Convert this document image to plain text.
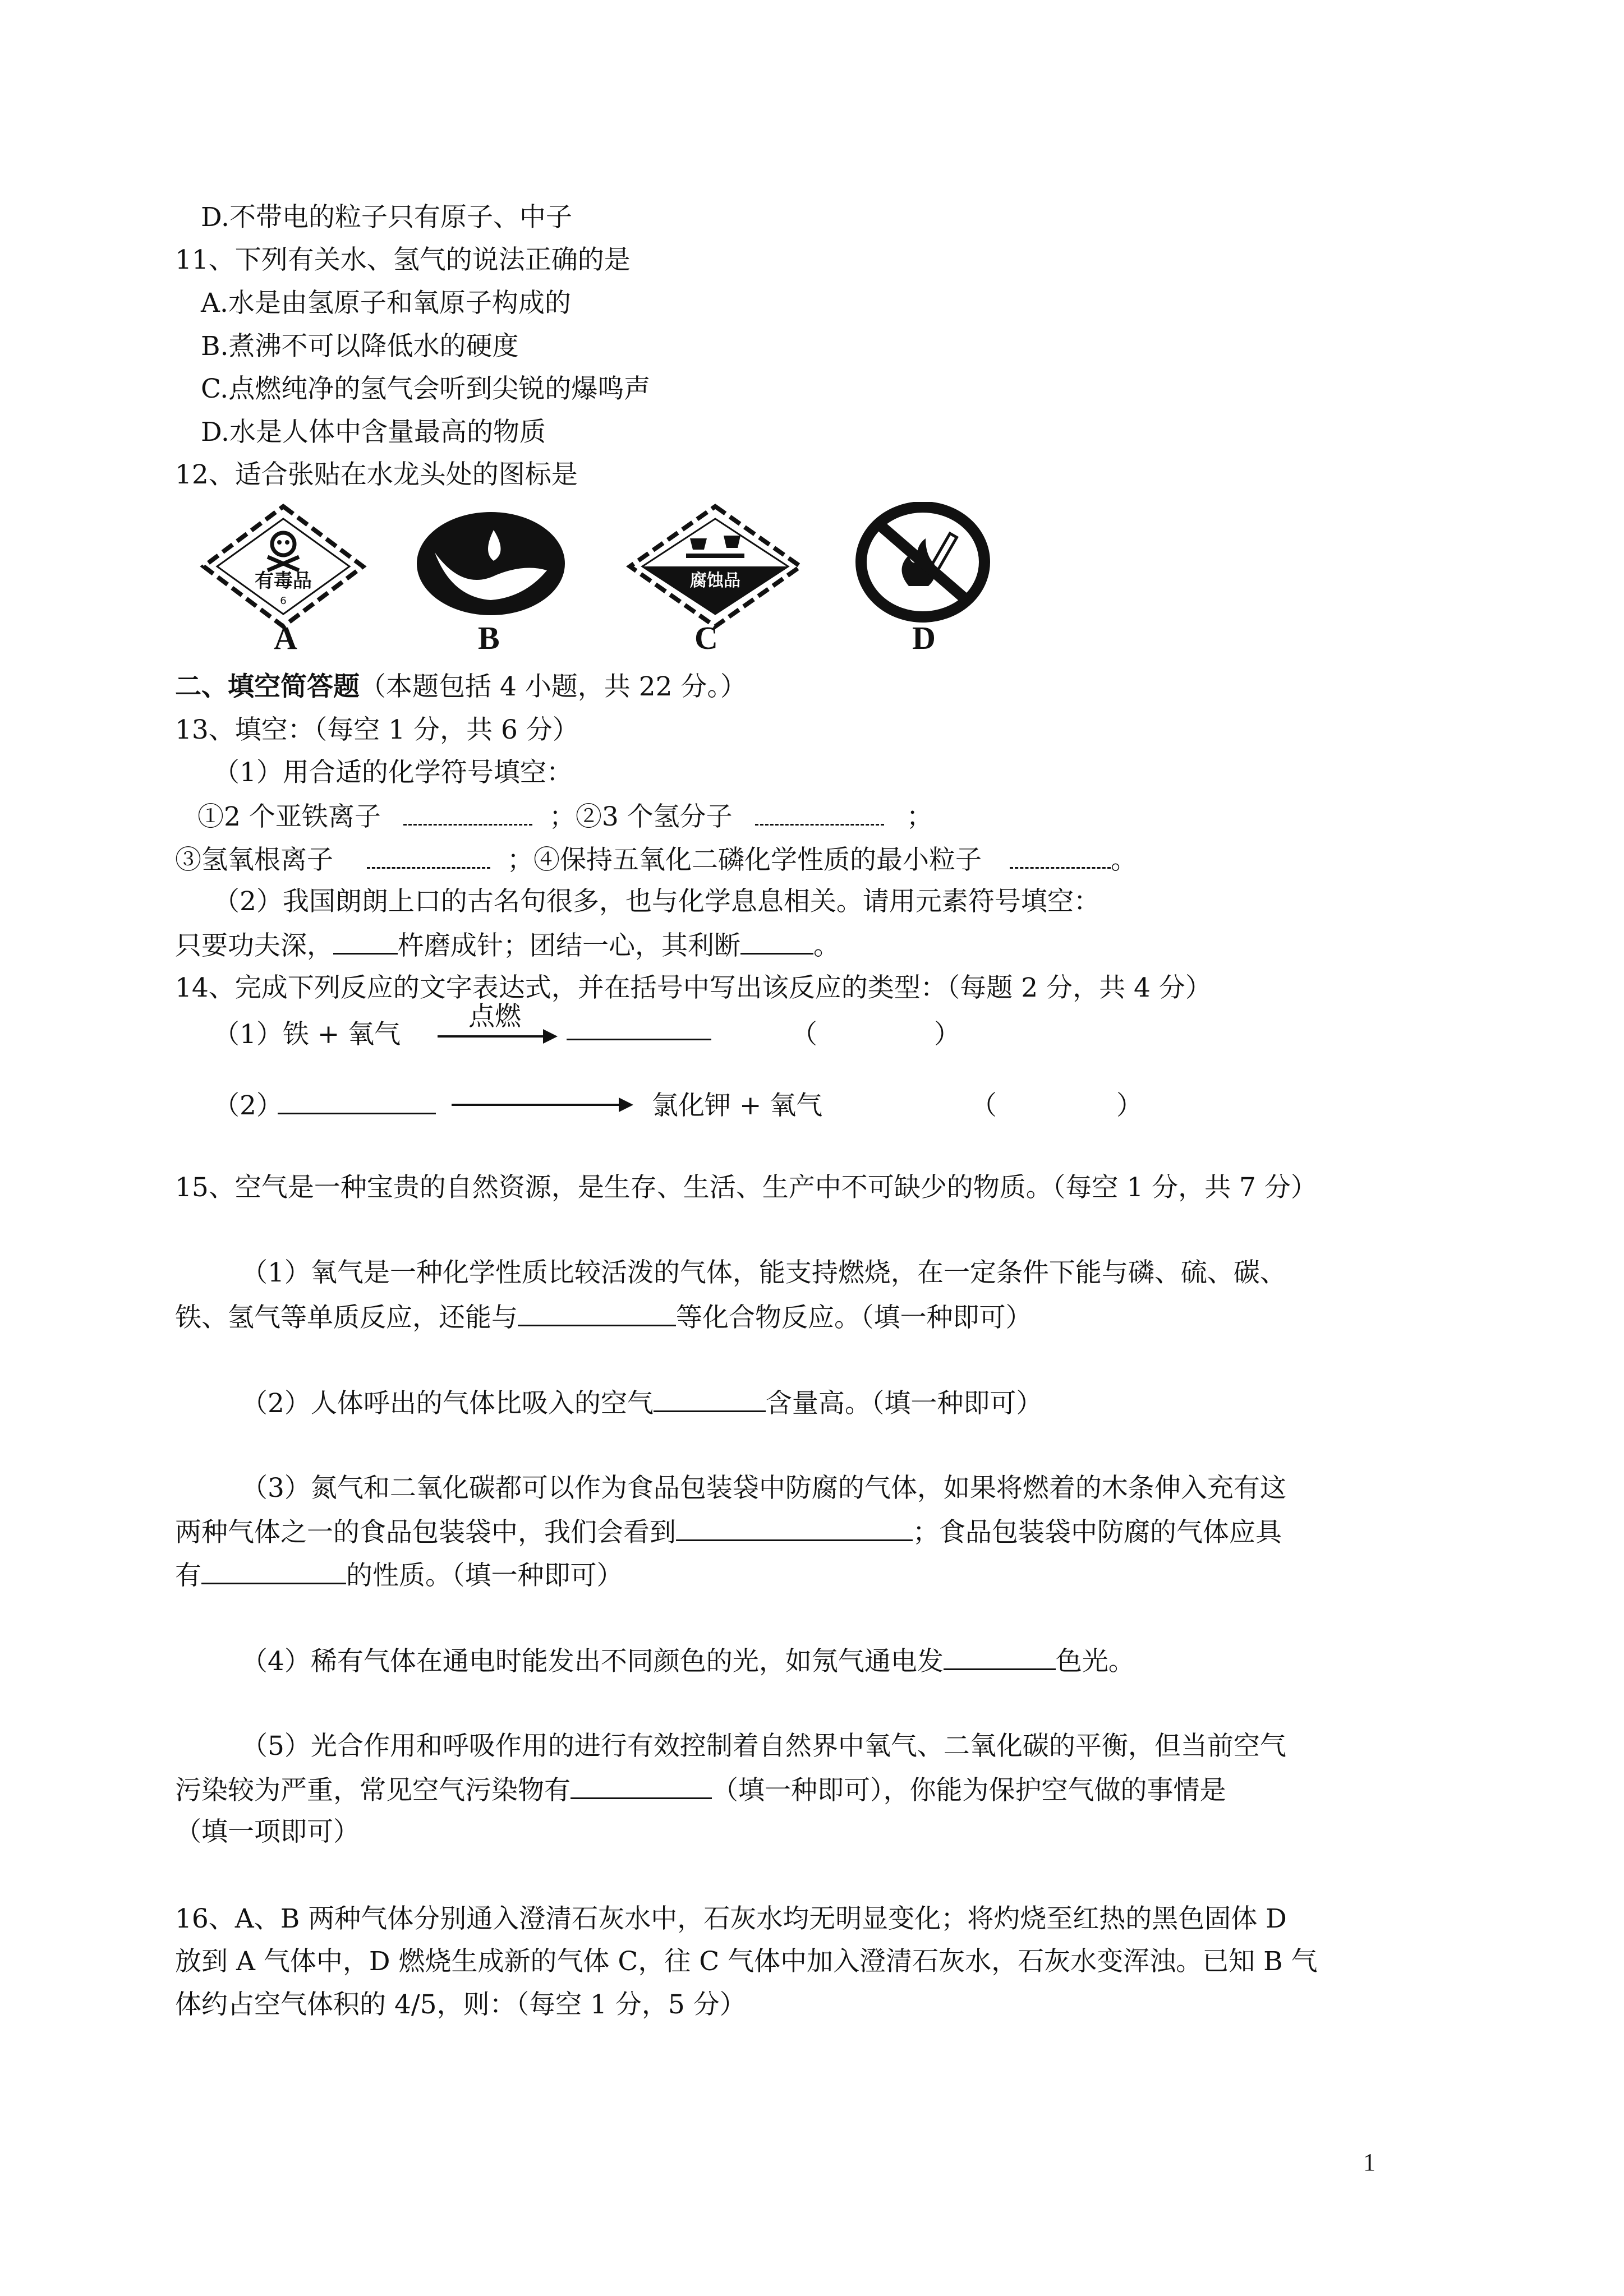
D.不带电的粒子只有原子、中子
11、下列有关水、氢气的说法正确的是
A.水是由氢原子和氧原子构成的
B.煮沸不可以降低水的硬度
C.点燃纯净的氢气会听到尖锐的爆鸣声
D.水是人体中含量最高的物质
12、适合张贴在水龙头处的图标是
有毒品
6
A	B
腐蚀品
C	D
二、填空简答题（本题包括 4 小题，共 22 分。）
13、填空：（每空 1 分，共 6 分）
（1）用合适的化学符号填空：
①2 个亚铁离子	；②3 个氢分子	；
③氢氧根离子	；④保持五氧化二磷化学性质的最小粒子	。
（2）我国朗朗上口的古名句很多，也与化学息息相关。请用元素符号填空：
只要功夫深， 杵磨成针；团结一心，其利断	。
14、完成下列反应的文字表达式，并在括号中写出该反应的类型：（每题 2 分，共 4 分）
（1）铁 + 氧气
点燃
（	）
（2）	氯化钾 + 氧气	（	）
15、空气是一种宝贵的自然资源，是生存、生活、生产中不可缺少的物质。（每空 1 分，共 7 分）
（1）氧气是一种化学性质比较活泼的气体，能支持燃烧，在一定条件下能与磷、硫、碳、
铁、氢气等单质反应，还能与	等化合物反应。（填一种即可）
（2）人体呼出的气体比吸入的空气	含量高。（填一种即可）
（3）氮气和二氧化碳都可以作为食品包装袋中防腐的气体，如果将燃着的木条伸入充有这
两种气体之一的食品包装袋中，我们会看到	；食品包装袋中防腐的气体应具
有	的性质。（填一种即可）
（4）稀有气体在通电时能发出不同颜色的光，如氖气通电发	色光。
（5）光合作用和呼吸作用的进行有效控制着自然界中氧气、二氧化碳的平衡，但当前空气
污染较为严重，常见空气污染物有	（填一种即可），你能为保护空气做的事情是
（填一项即可）
16、A、B 两种气体分别通入澄清石灰水中，石灰水均无明显变化；将灼烧至红热的黑色固体 D
放到 A 气体中，D 燃烧生成新的气体 C，往 C 气体中加入澄清石灰水，石灰水变浑浊。已知 B 气
体约占空气体积的 4/5，则：（每空 1 分，5 分）
1
